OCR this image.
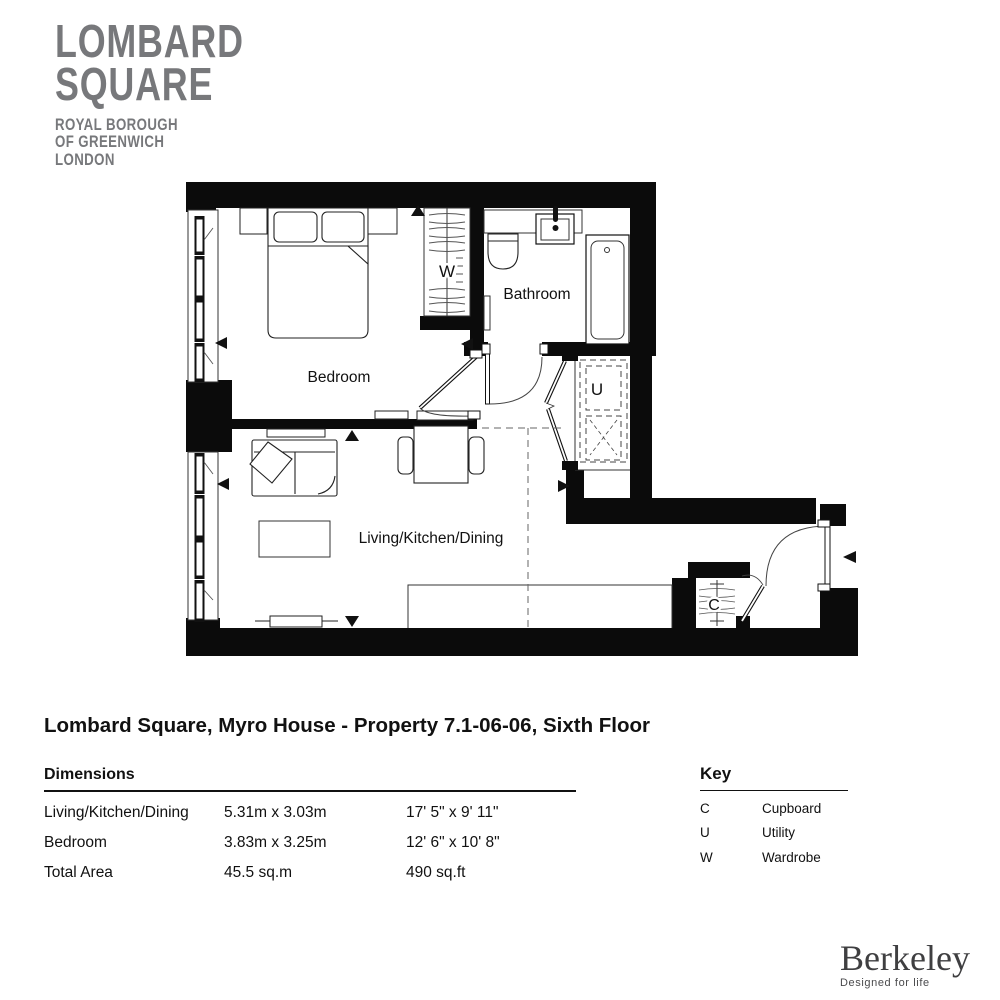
LOMBARD
SQUARE
ROYAL BOROUGH
OF GREENWICH
LONDON
Bedroom
Bathroom
Living/Kitchen/Dining
W
U
C
Lombard Square, Myro House - Property 7.1-06-06, Sixth Floor
Dimensions
Living/Kitchen/Dining	5.31m x 3.03m	17' 5" x 9' 11"
Bedroom	3.83m x 3.25m	12' 6" x 10' 8"
Total Area	45.5 sq.m	490 sq.ft
Key
C	Cupboard
U	Utility
W	Wardrobe
Berkeley
Designed for life
